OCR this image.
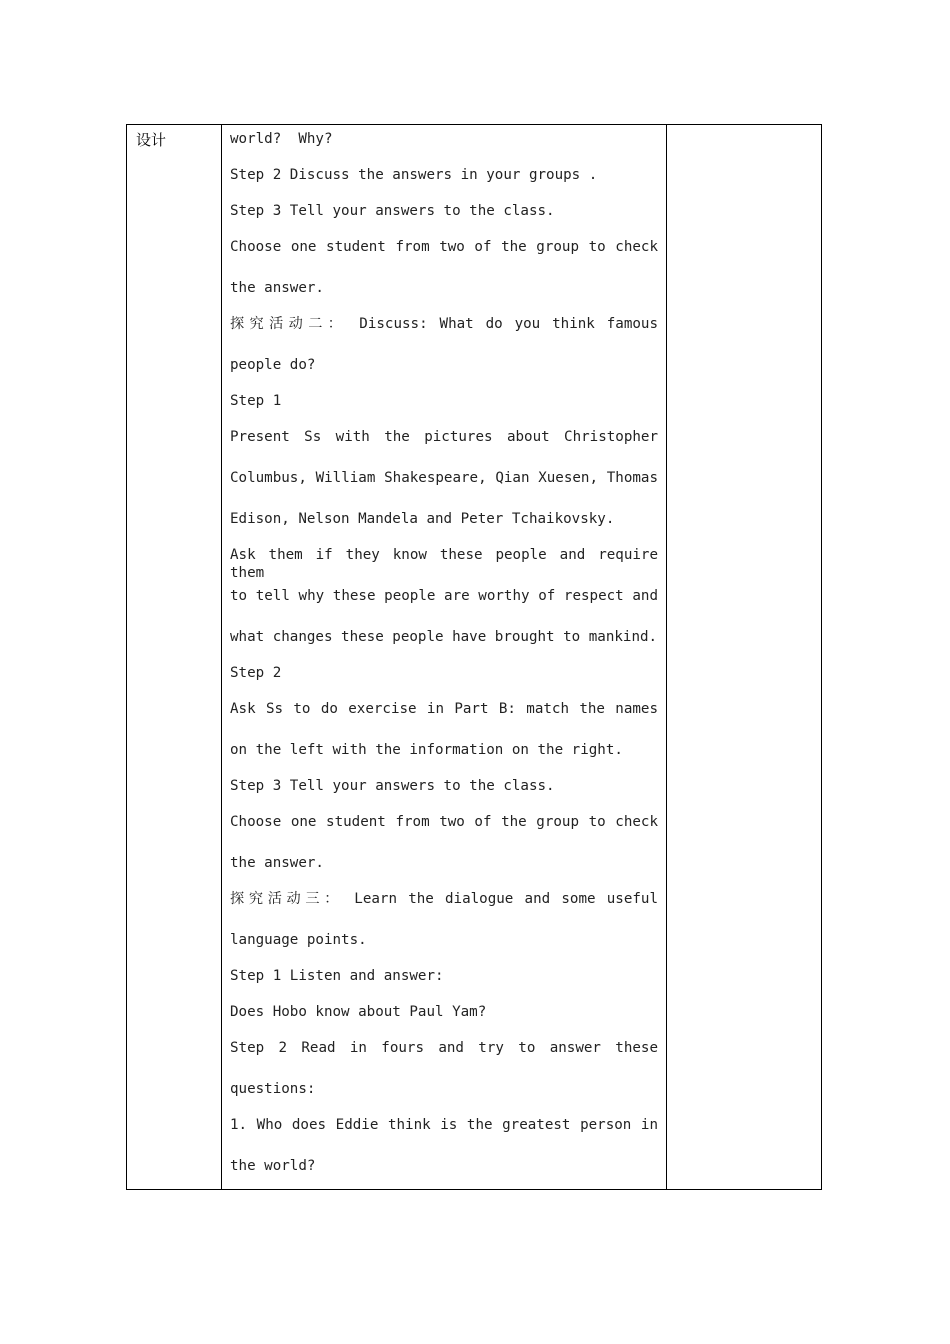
设计	world?  Why?
Step 2 Discuss the answers in your groups .
Step 3 Tell your answers to the class.
Choose one student from two of the group to check
the answer.
探究活动二： Discuss: What do you think famous
people do?
Step 1
Present Ss with the pictures about Christopher
Columbus, William Shakespeare, Qian Xuesen, Thomas
Edison, Nelson Mandela and Peter Tchaikovsky.
Ask them if they know these people and require them
to tell why these people are worthy of respect and
what changes these people have brought to mankind.
Step 2
Ask Ss to do exercise in Part B: match the names
on the left with the information on the right.
Step 3 Tell your answers to the class.
Choose one student from two of the group to check
the answer.
探究活动三： Learn the dialogue and some useful
language points.
Step 1 Listen and answer:
Does Hobo know about Paul Yam?
Step 2 Read in fours and try to answer these
questions:
1. Who does Eddie think is the greatest person in
the world?
